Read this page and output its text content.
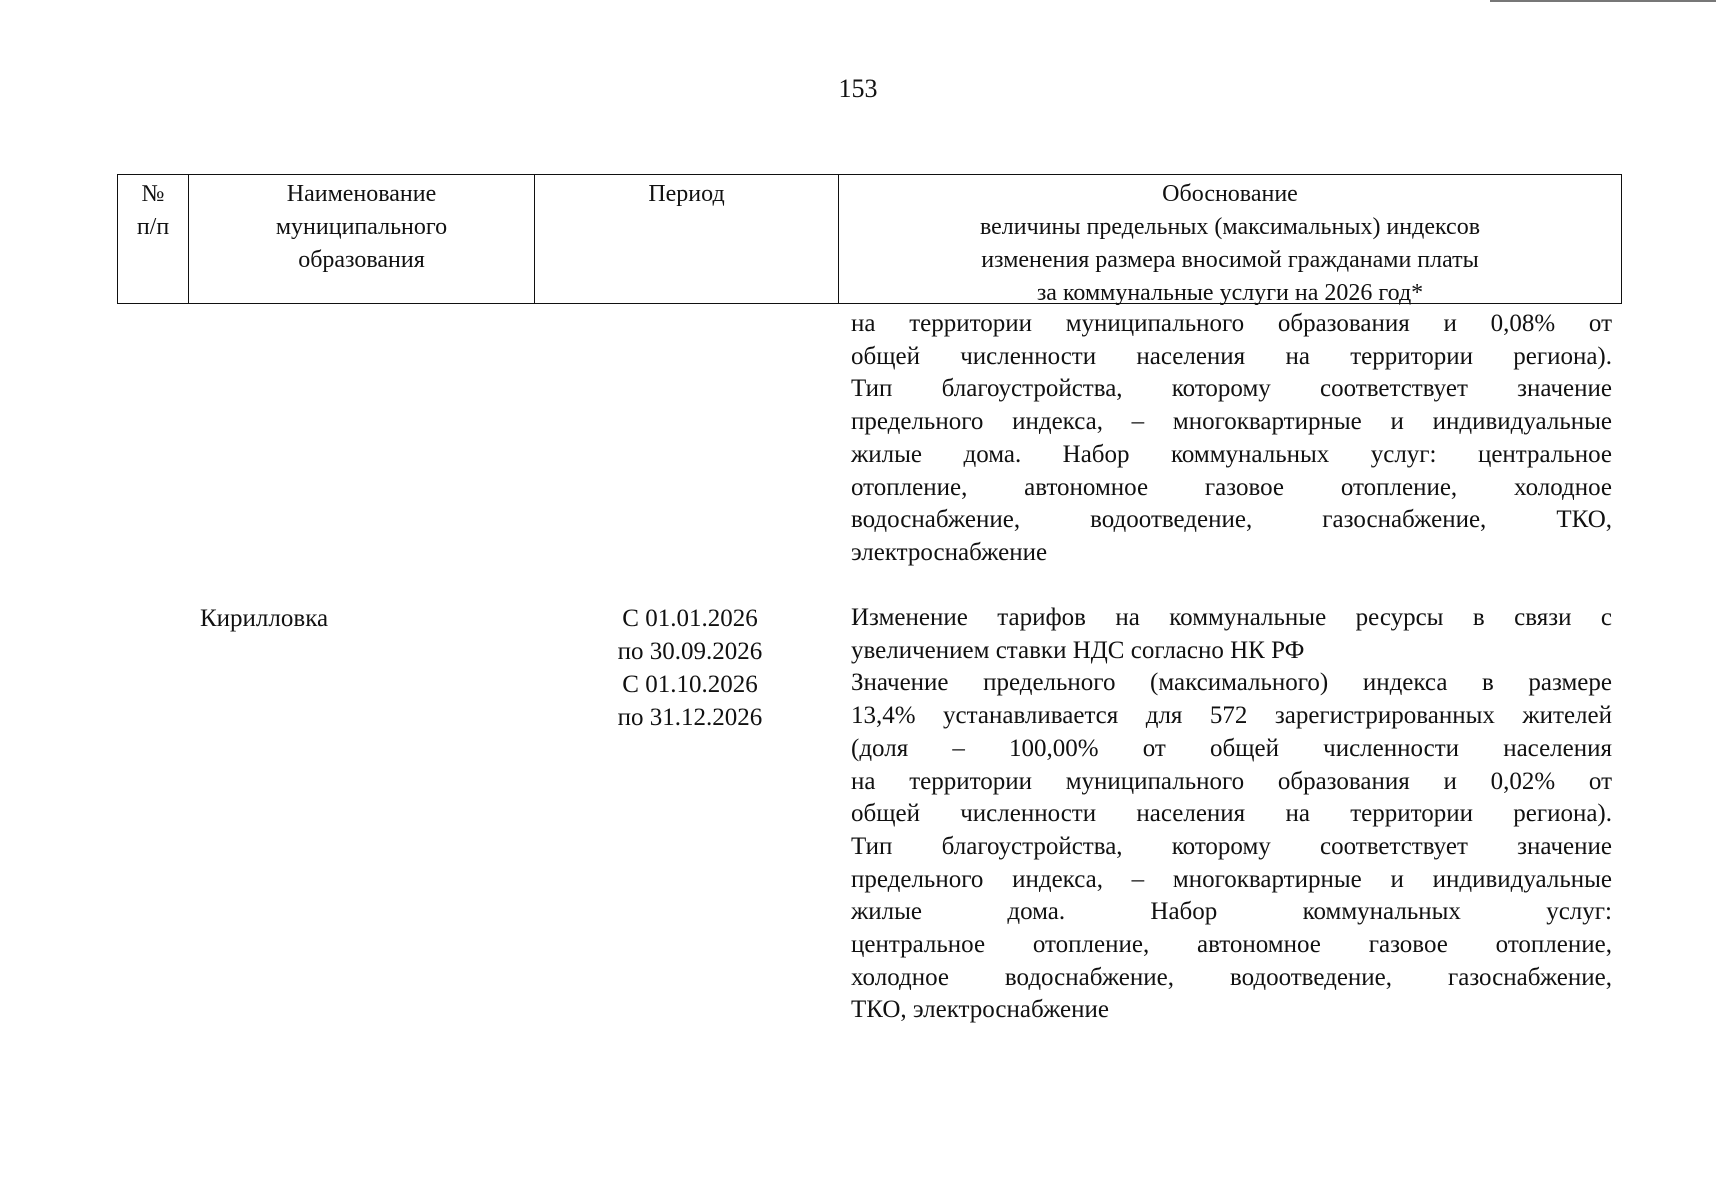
153
№
п/п
Наименование
муниципального
образования
Период	Обоснование
величины предельных (максимальных) индексов
изменения размера вносимой гражданами платы
за коммунальные услуги на 2026 год*
на территории муниципального образования и 0,08% от
общей численности населения на территории региона).
Тип благоустройства, которому соответствует значение
предельного индекса, – многоквартирные и индивидуальные
жилые дома. Набор коммунальных услуг: центральное
отопление, автономное газовое отопление, холодное
водоснабжение, водоотведение, газоснабжение, ТКО,
электроснабжение
Кирилловка	С 01.01.2026
по 30.09.2026
С 01.10.2026
по 31.12.2026
Изменение тарифов на коммунальные ресурсы в связи с
увеличением ставки НДС согласно НК РФ
Значение предельного (максимального) индекса в размере
13,4% устанавливается для 572 зарегистрированных жителей
(доля – 100,00% от общей численности населения
на территории муниципального образования и 0,02% от
общей численности населения на территории региона).
Тип благоустройства, которому соответствует значение
предельного индекса, – многоквартирные и индивидуальные
жилые дома. Набор коммунальных услуг:
центральное отопление, автономное газовое отопление,
холодное водоснабжение, водоотведение, газоснабжение,
ТКО, электроснабжение
